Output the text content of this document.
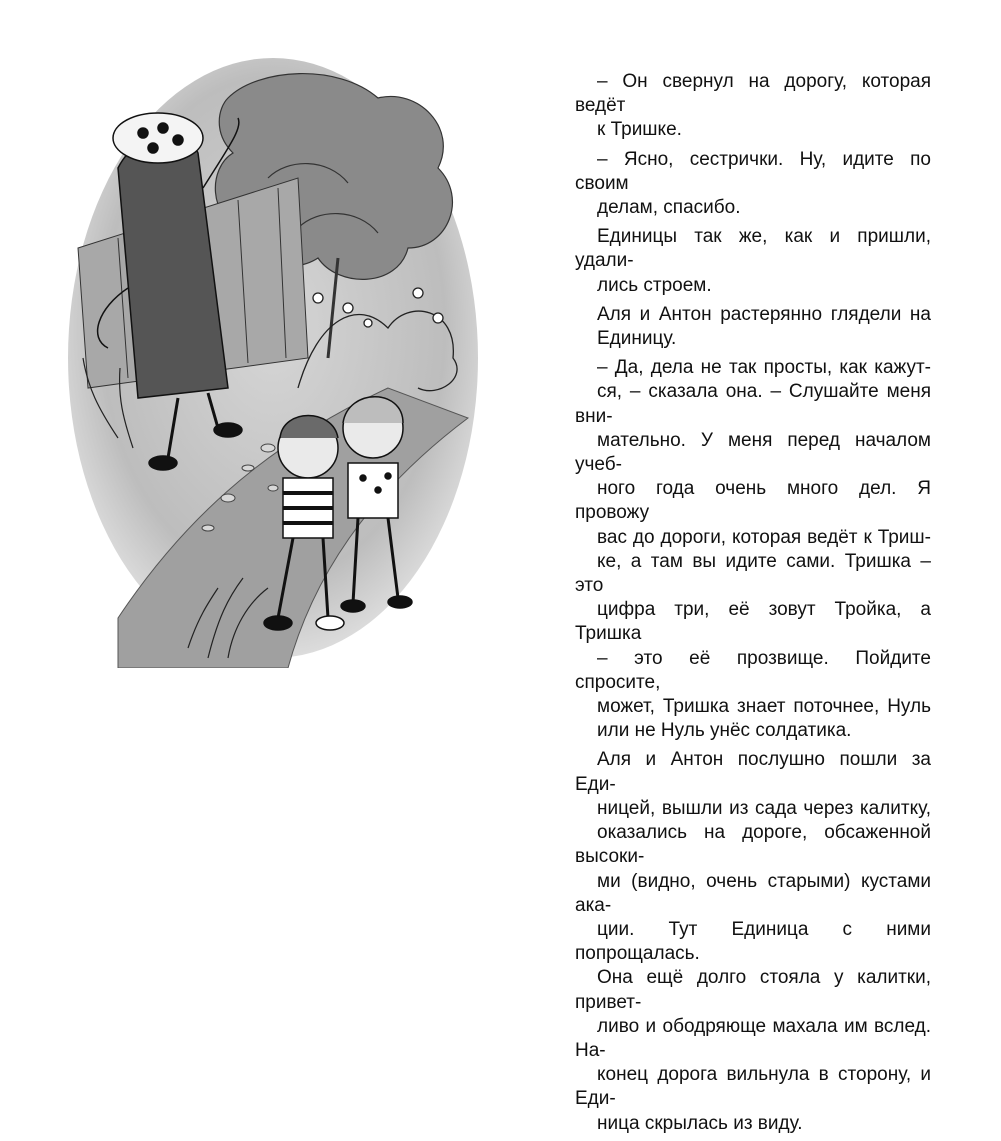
– Он свернул на дорогу, которая ведёт
к Тришке.

– Ясно, сестрички. Ну, идите по своим
делам, спасибо.

Единицы так же, как и пришли, удали-
лись строем.

Аля и Антон растерянно глядели на
Единицу.

– Да, дела не так просты, как кажут-
ся, – сказала она. – Слушайте меня вни-
мательно. У меня перед началом учеб-
ного года очень много дел. Я провожу
вас до дороги, которая ведёт к Триш-
ке, а там вы идите сами. Тришка – это
цифра три, её зовут Тройка, а Тришка
– это её прозвище. Пойдите спросите,
может, Тришка знает поточнее, Нуль
или не Нуль унёс солдатика.

Аля и Антон послушно пошли за Еди-
ницей, вышли из сада через калитку,
оказались на дороге, обсаженной высоки-
ми (видно, очень старыми) кустами ака-
ции. Тут Единица с ними попрощалась.
Она ещё долго стояла у калитки, привет-
ливо и ободряюще махала им вслед. На-
конец дорога вильнула в сторону, и Еди-
ница скрылась из виду.
